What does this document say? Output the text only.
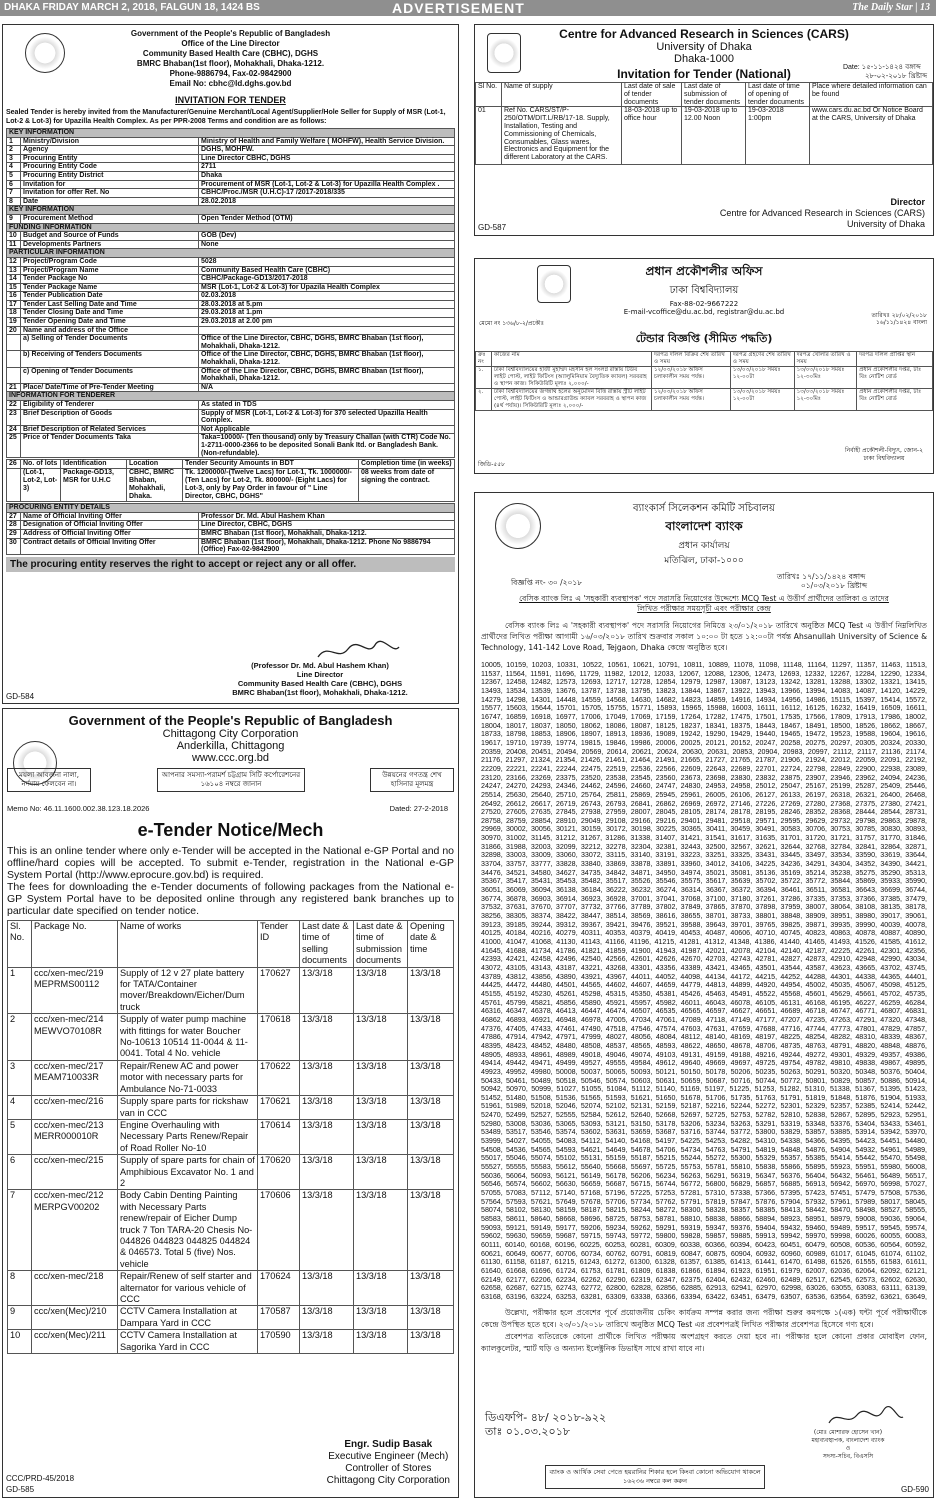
DHAKA FRIDAY MARCH 2, 2018, FALGUN 18, 1424 BS	ADVERTISEMENT	The Daily Star | 13
Government of the People's Republic of Bangladesh
Office of the Line Director
Community Based Health Care (CBHC), DGHS
BMRC Bhaban(1st floor), Mohakhali, Dhaka-1212.
Phone-9886794, Fax-02-9842900
Email No: cbhc@ld.dghs.gov.bd
INVITATION FOR TENDER
Sealed Tender is hereby invited from the Manufacturer/Genuine Merchant/Local Agent/Supplier/Hole Seller for Supply of MSR (Lot-1, Lot-2 & Lot-3) for Upazilla Health Complex. As per PPR-2008 Terms and condition are as follows:
KEY INFORMATION		
1	Ministry/Division	Ministry of Health and Family Welfare ( MOHFW), Health Service Division.
2	Agency	DGHS, MOHFW.
3	Procuring Entity	Line Director CBHC, DGHS
4	Procuring Entity Code	2711
5	Procuring Entity District	Dhaka
6	Invitation for	Procurement of MSR (Lot-1, Lot-2 & Lot-3) for Upazilla Health Complex .
7	Invitation for offer Ref. No	CBHC/Proc./MSR (U.H.C)-17 /2017-2018/335
8	Date	28.02.2018
KEY INFORMATION		
9	Procurement Method	Open Tender Method (OTM)
FUNDING INFORMATION		
10	Budget and Source of Funds	GOB (Dev)
11	Developments Partners	None
PARTICULAR INFORMATION		
12	Project/Program Code	5028
13	Project/Program Name	Community Based Health Care (CBHC)
14	Tender Package No	CBHC/Package-GD13/2017-2018
15	Tender Package Name	MSR (Lot-1, Lot-2 & Lot-3) for Upazila Health Complex
16	Tender Publication Date	02.03.2018
17	Tender Last Selling Date and Time	28.03.2018 at 5.pm
18	Tender Closing Date and Time	29.03.2018 at 1.pm
19	Tender Opening Date and Time	29.03.2018 at 2.00 pm
20	Name and address of the Office	
	a) Selling of Tender Documents	Office of the Line Director, CBHC, DGHS, BMRC Bhaban (1st floor), Mohakhali, Dhaka-1212.
	b) Receiving of Tenders Documents	Office of the Line Director, CBHC, DGHS, BMRC Bhaban (1st floor), Mohakhali, Dhaka-1212.
	c) Opening of Tender Documents	Office of the Line Director, CBHC, DGHS, BMRC Bhaban (1st floor), Mohakhali, Dhaka-1212.
21	Place/ Date/Time of Pre-Tender Meeting	N/A
INFORMATION FOR TENDERER		
22	Eligibility of Tenderer	As stated in TDS
23	Brief Description of Goods	Supply of MSR (Lot-1, Lot-2 & Lot-3) for 370 selected Upazilla Health Complex.
24	Brief Description of Related Services	Not Applicable
25	Price of Tender Documents Taka	Taka=10000/- (Ten thousand) only by Treasury Challan (with CTR) Code No. 1-2711-0000-2366 to be deposited Sonali Bank Itd. or Bangladesh Bank. (Non-refundable).
26	No. of lots	Identification	Location	Tender Security Amounts in BDT	Completion time (in weeks)
	(Lot-1, Lot-2, Lot-3)	Package-GD13, MSR for U.H.C	CBHC, BMRC Bhaban, Mohakhali, Dhaka.	Tk. 1200000/-(Twelve Lacs) for Lot-1, Tk. 1000000/-(Ten Lacs) for Lot-2, Tk. 800000/- (Eight Lacs) for Lot-3, only by Pay Order in favour of " Line Director, CBHC, DGHS"	08 weeks from date of signing the contract.
PROCURING ENTITY DETAILS		
27	Name of Official Inviting Offer	Professor Dr. Md. Abul Hashem Khan
28	Designation of Official Inviting Offer	Line Director, CBHC, DGHS
29	Address of Official Inviting Offer	BMRC Bhaban (1st floor), Mohakhali, Dhaka-1212.
30	Contract details of Official Inviting Offer	BMRC Bhaban (1st floor), Mohakhali, Dhaka-1212. Phone No 9886794 (Office) Fax-02-9842900
The procuring entity reserves the right to accept or reject any or all offer.
(Professor Dr. Md. Abul Hashem Khan)
Line Director
Community Based Health Care (CBHC), DGHS
BMRC Bhaban(1st floor), Mohakhali, Dhaka-1212.
GD-584
Centre for Advanced Research in Sciences (CARS)
University of Dhaka
Dhaka-1000
Date: ১৫-১১-১৪২৪ বঙ্গাব্দ
২৮-০২-২০১৮ খ্রিষ্টাব্দ
Invitation for Tender (National)
Sl No.	Name of supply	Last date of sale of tender documents	Last date of submission of tender documents	Last date of time of opening of tender documents	Place where detailed information can be found
01	Ref No. CARS/ST/P-250/OTM/DIT.L/RB/17-18. Supply, Installation, Testing and Commissioning of Chemicals, Consumables, Glass wares, Electronics and Equipment for the different Laboratory at the CARS.	18-03-2018 up to office hour	19-03-2018 up to 12.00 Noon	19-03-2018 1:00pm	www.cars.du.ac.bd Or Notice Board at the CARS, University of Dhaka
Director
Centre for Advanced Research in Sciences (CARS)
University of Dhaka
GD-587
প্রধান প্রকৌশলীর অফিস
ঢাকা বিশ্ববিদ্যালয়
Fax-88-02-9667222
E-mail-vcoffice@du.ac.bd, registrar@du.ac.bd
মেমো নং ১৩৬/৮-২/প্রকৌঃ
তারিখঃ ২৮/০২/২০১৮
১৬/১১/১৪২৪ বাংলা
টেন্ডার বিজ্ঞপ্তি (সীমিত পদ্ধতি)
ক্রঃ নং	কাজের নাম	দরপত্র দলিল বিক্রির শেষ তারিখ ও সময়	দরপত্র গ্রহণের শেষ তারিখ ও সময়	দরপত্র খোলার তারিখ ও সময়	দরপত্র দলিল প্রাপ্তির স্থান
১.	ঢাকা বিশ্ববিদ্যালয়ের হাজী মুহাম্মদ মহসীন হল সংলগ্ন রাস্তায় টিউব লাইট পোস্ট, লাইট ফিটিংস (অ্যালুমিনিয়াম বৈদ্যুতিক ক্যাবল) সরবরাহ ও স্থাপন কাজ। সিকিউরিটি মূল্যঃ ২,০০০/-	১২/০৩/২০১৮ অফিস চলাকালীন সময় পর্যন্ত।	১৩/০৩/২০১৮ সময়ঃ ১২-০০টা	১৩/০৩/২০১৮ সময়ঃ ১২-৩০মিঃ	প্রধান প্রকৌশলীর দপ্তর, ঢাঃ বিঃ নোটিশ বোর্ড
২.	ঢাকা বিশ্ববিদ্যালয়ের জগন্নাথ হলের অনুমোদন বিত্তি রাস্তায় স্ট্রীট লাইট পোস্ট, লাইট ফিটিংস ও আন্ডারগ্রাউন্ড ক্যাবল সরবরাহ ও স্থাপন কাজ (৪র্থ পর্যায়)। সিকিউরিটি মূল্যঃ ২,০০০/-	১২/০৩/২০১৮ অফিস চলাকালীন সময় পর্যন্ত।	১৩/০৩/২০১৮ সময়ঃ ১২-০০টা	১৩/০৩/২০১৮ সময়ঃ ১২-৩০মিঃ	প্রধান প্রকৌশলীর দপ্তর, ঢাঃ বিঃ নোটিশ বোর্ড
নির্বাহী প্রকৌশলী-বিদ্যুৎ, জোন-২
ঢাকা বিশ্ববিদ্যালয়
জিডি-৫৫৮
Government of the People's Republic of Bangladesh
Chittagong City Corporation
Anderkilla, Chittagong
www.ccc.org.bd
ময়লা আবর্জনা নালা, নর্দমায় ফেলবেন না।
আপনার সমস্যা-পরামর্শ চট্টগ্রাম সিটি কর্পোরেশনের ১৬১০৪ নম্বরে জানান
উন্নয়নের গণতন্ত্র শেখ হাসিনার মূলমন্ত্র
Memo No: 46.11.1600.002.38.123.18.2026	Dated: 27-2-2018
e-Tender Notice/Mech
This is an online tender where only e-Tender will be accepted in the National e-GP Portal and no offline/hard copies will be accepted. To submit e-Tender, registration in the National e-GP System Portal (http://www.eprocure.gov.bd) is required.
The fees for downloading the e-Tender documents of following packages from the National e-GP System Portal have to be deposited online through any registered bank branches up to particular date specified on tender notice.
Sl. No.	Package No.	Name of works	Tender ID	Last date & time of selling documents	Last date & time of submission documents	Opening date & time
1	ccc/xen-mec/219 MEPRMS00112	Supply of 12 v 27 plate battery for TATA/Container mover/Breakdown/Eicher/Dum truck	170627	13/3/18	13/3/18	13/3/18
2	ccc/xen-mec/214 MEWVO70108R	Supply of water pump machine with fittings for water Boucher No-10613 10514 11-0044 & 11-0041. Total 4 No. vehicle	170618	13/3/18	13/3/18	13/3/18
3	ccc/xen-mec/217 MEAM710033R	Repair/Renew AC and power motor with necessary parts for Ambulance No-71-0033	170622	13/3/18	13/3/18	13/3/18
4	ccc/xen-mec/216	Supply spare parts for rickshaw van in CCC	170621	13/3/18	13/3/18	13/3/18
5	ccc/xen-mec/213 MERR000010R	Engine Overhauling with Necessary Parts Renew/Repair of Road Roller No-10	170614	13/3/18	13/3/18	13/3/18
6	ccc/xen-mec/215	Supply of spare parts for chain of Amphibious Excavator No. 1 and 2	170620	13/3/18	13/3/18	13/3/18
7	ccc/xen-mec/212 MERPGV00202	Body Cabin Denting Painting with Necessary Parts renew/repair of Eicher Dump truck 7 Ton TARA-20 Chesis No-044826 044823 044825 044824 & 046573. Total 5 (five) Nos. vehicle	170606	13/3/18	13/3/18	13/3/18
8	ccc/xen-mec/218	Repair/Renew of self starter and alternator for various vehicle of CCC	170624	13/3/18	13/3/18	13/3/18
9	ccc/xen(Mec)/210	CCTV Camera Installation at Dampara Yard in CCC	170587	13/3/18	13/3/18	13/3/18
10	ccc/xen(Mec)/211	CCTV Camera Installation at Sagorika Yard in CCC	170590	13/3/18	13/3/18	13/3/18
Engr. Sudip Basak
Executive Engineer (Mech)
Controller of Stores
Chittagong City Corporation
CCC/PRD-45/2018
GD-585
ব্যাংকার্স সিলেকশন কমিটি সচিবালয়
বাংলাদেশ ব্যাংক
প্রধান কার্যালয়
মতিঝিল, ঢাকা-১০০০
বিজ্ঞপ্তি নং- ৩০ /২০১৮
তারিখঃ ১৭/১১/১৪২৪ বঙ্গাব্দ
০১/০৩/২০১৮ খ্রিষ্টাব্দ
বেসিক ব্যাংক লিঃ এ 'সহকারী ব্যবস্থাপক' পদে সরাসরি নিয়োগের উদ্দেশ্যে MCQ Test এ উত্তীর্ণ প্রার্থীদের তালিকা ও তাদের লিখিত পরীক্ষার সময়সূচী এবং পরীক্ষার কেন্দ্র
বেসিক ব্যাংক লিঃ এ 'সহকারী ব্যবস্থাপক' পদে সরাসরি নিয়োগের নিমিত্তে ২৩/০১/২০১৮ তারিখে অনুষ্ঠিত MCQ Test এ উত্তীর্ণ নিম্নলিখিত প্রার্থীদের লিখিত পরীক্ষা আগামী ১৬/০৩/২০১৮ তারিখ শুক্রবার সকাল ১০:০০ টা হতে ১২:০০টা পর্যন্ত Ahsanullah University of Science & Technology, 141-142 Love Road, Tejgaon, Dhaka কেন্দ্রে অনুষ্ঠিত হবে।
10005, 10159, 10203, 10331, 10522, 10561, 10621, 10791, 10811, 10889, 11078, 11098, 11148, 11164, 11297, 11357, 11463, 11513, 11537, 11564, 11591, 11696, 11729, 11982, 12012, 12033, 12067, 12088, 12306, 12473, 12693, 12332, 12267, 12284, 12290, 12334, 12367, 12458, 12482, 12573, 12693, 12717, 12728, 12854, 12979, 12987, 13087, 13123, 13242, 13281, 13288, 13302, 13321, 13415, 13493, 13534, 13539, 13676, 13787, 13738, 13795, 13823, 13844, 13867, 13922, 13943, 13966, 13994, 14083, 14087, 14120, 14229, 14279, 14298, 14301, 14448, 14559, 14568, 14630, 14682, 14823, 14859, 14916, 14934, 14956, 14986, 15115, 15397, 15414, 15572, 15577, 15603, 15644, 15701, 15705, 15755, 15771, 15893, 15965, 15988, 16003, 16111, 16112, 16125, 16232, 16419, 16509, 16611, 16747, 16859, 16918, 16977, 17006, 17049, 17069, 17159, 17264, 17282, 17475, 17501, 17535, 17566, 17809, 17913, 17986, 18002, 18004, 18017, 18037, 18050, 18062, 18086, 18087, 18125, 18237, 18341, 18375, 18443, 18467, 18491, 18500, 18526, 18662, 18667, 18733, 18798, 18853, 18906, 18907, 18913, 18936, 19089, 19242, 19290, 19429, 19440, 19465, 19472, 19523, 19588, 19604, 19616, 19617, 19710, 19739, 19774, 19815, 19846, 19986, 20006, 20025, 20121, 20152, 20247, 20258, 20275, 20297, 20305, 20324, 20330, 20359, 20408, 20451, 20494, 20569, 20614, 20621, 20624, 20630, 20631, 20853, 20904, 20983, 20997, 21112, 21117, 21136, 21174, 21176, 21297, 21324, 21354, 21426, 21461, 21464, 21491, 21665, 21727, 21765, 21787, 21906, 21924, 22012, 22059, 22091, 22192, 22209, 22221, 22241, 22244, 22475, 22519, 22536, 22566, 22609, 22643, 22689, 22701, 22724, 22798, 22849, 22900, 22938, 23089, 23120, 23166, 23269, 23375, 23520, 23538, 23545, 23560, 23673, 23698, 23830, 23832, 23875, 23907, 23946, 23962, 24094, 24236, 24247, 24270, 24293, 24346, 24462, 24596, 24660, 24747, 24830, 24953, 24958, 25012, 25047, 25167, 25199, 25287, 25409, 25446, 25514, 25630, 25640, 25710, 25764, 25811, 25869, 25945, 25961, 26005, 26106, 26127, 26133, 26197, 26318, 26321, 26400, 26468, 26492, 26612, 26617, 26719, 26743, 26793, 26841, 26862, 26969, 26972, 27146, 27226, 27269, 27280, 27368, 27375, 27380, 27421, 27520, 27605, 27635, 27845, 27938, 27959, 28007, 28045, 28105, 28174, 28178, 28195, 28246, 28352, 28368, 28444, 28544, 28731, 28758, 28759, 28854, 28910, 29049, 29108, 29166, 29216, 29401, 29481, 29518, 29571, 29595, 29629, 29732, 29798, 29863, 29878, 29969, 30002, 30056, 30121, 30159, 30172, 30198, 30225, 30365, 30411, 30459, 30491, 30583, 30706, 30753, 30785, 30830, 30893, 30970, 31002, 31145, 31212, 31267, 31286, 31338, 31407, 31421, 31541, 31617, 31635, 31701, 31720, 31721, 31757, 31770, 31846, 31866, 31988, 32003, 32099, 32212, 32278, 32304, 32381, 32443, 32500, 32567, 32621, 32644, 32768, 32784, 32841, 32864, 32871, 32898, 33003, 33009, 33060, 33072, 33115, 33140, 33191, 33223, 33251, 33325, 33431, 33445, 33497, 33534, 33590, 33619, 33644, 33704, 33757, 33777, 33828, 33840, 33869, 33878, 33891, 33960, 34012, 34106, 34225, 34236, 34291, 34304, 34352, 34390, 34421, 34476, 34521, 34580, 34627, 34735, 34842, 34871, 34950, 34974, 35021, 35081, 35136, 35169, 35214, 35238, 35275, 35290, 35313, 35367, 35417, 35431, 35453, 35482, 35517, 35526, 35546, 35575, 35617, 35639, 35702, 35722, 35772, 35844, 35869, 35933, 35990, 36051, 36069, 36094, 36138, 36184, 36222, 36232, 36274, 36314, 36367, 36372, 36394, 36461, 36511, 36581, 36643, 36699, 36744, 36774, 36878, 36903, 36914, 36923, 36928, 37001, 37041, 37068, 37100, 37180, 37261, 37286, 37335, 37353, 37366, 37385, 37479, 37532, 37631, 37670, 37707, 37732, 37766, 37789, 37802, 37849, 37865, 37870, 37898, 37959, 38007, 38064, 38108, 38135, 38178, 38256, 38305, 38374, 38422, 38447, 38514, 38569, 38616, 38655, 38701, 38733, 38801, 38848, 38909, 38951, 38980, 39017, 39061, 39123, 39185, 39244, 39312, 39367, 39421, 39476, 39521, 39588, 39643, 39701, 39765, 39825, 39871, 39935, 39990, 40039, 40078, 40125, 40184, 40216, 40279, 40311, 40353, 40379, 40419, 40453, 40487, 40606, 40710, 40745, 40823, 40863, 40878, 40887, 40890, 41000, 41047, 41068, 41130, 41143, 41166, 41196, 41215, 41281, 41312, 41348, 41386, 41440, 41465, 41493, 41526, 41585, 41612, 41645, 41688, 41734, 41786, 41821, 41859, 41900, 41943, 41987, 42021, 42078, 42104, 42140, 42187, 42225, 42261, 42301, 42356, 42393, 42421, 42458, 42496, 42540, 42566, 42601, 42626, 42670, 42703, 42743, 42781, 42827, 42873, 42910, 42948, 42990, 43034, 43072, 43105, 43143, 43187, 43221, 43268, 43301, 43356, 43389, 43421, 43465, 43501, 43544, 43587, 43623, 43665, 43702, 43745, 43789, 43812, 43856, 43890, 43921, 43967, 44011, 44052, 44098, 44134, 44172, 44215, 44252, 44288, 44301, 44338, 44365, 44401, 44425, 44472, 44480, 44501, 44565, 44602, 44607, 44659, 44779, 44813, 44899, 44920, 44954, 45002, 45035, 45067, 45098, 45125, 45155, 45192, 45230, 45261, 45298, 45315, 45350, 45381, 45426, 45463, 45491, 45522, 45568, 45601, 45629, 45661, 45702, 45735, 45761, 45799, 45821, 45856, 45890, 45921, 45957, 45982, 46011, 46043, 46078, 46105, 46131, 46168, 46195, 46227, 46259, 46284, 46316, 46347, 46378, 46413, 46447, 46474, 46507, 46535, 46565, 46597, 46627, 46651, 46689, 46718, 46747, 46771, 46807, 46831, 46862, 46893, 46921, 46948, 46978, 47005, 47034, 47061, 47089, 47118, 47149, 47177, 47207, 47235, 47263, 47291, 47320, 47348, 47376, 47405, 47433, 47461, 47490, 47518, 47546, 47574, 47603, 47631, 47659, 47688, 47716, 47744, 47773, 47801, 47829, 47857, 47886, 47914, 47942, 47971, 47999, 48027, 48056, 48084, 48112, 48140, 48169, 48197, 48225, 48254, 48282, 48310, 48339, 48367, 48395, 48423, 48452, 48480, 48508, 48537, 48565, 48593, 48622, 48650, 48678, 48706, 48735, 48763, 48791, 48820, 48848, 48876, 48905, 48933, 48961, 48989, 49018, 49046, 49074, 49103, 49131, 49159, 49188, 49216, 49244, 49272, 49301, 49329, 49357, 49386, 49414, 49442, 49471, 49499, 49527, 49555, 49584, 49612, 49640, 49669, 49697, 49725, 49754, 49782, 49810, 49838, 49867, 49895, 49923, 49952, 49980, 50008, 50037, 50065, 50093, 50121, 50150, 50178, 50206, 50235, 50263, 50291, 50320, 50348, 50376, 50404, 50433, 50461, 50489, 50518, 50546, 50574, 50603, 50631, 50659, 50687, 50716, 50744, 50772, 50801, 50829, 50857, 50886, 50914, 50942, 50970, 50999, 51027, 51055, 51084, 51112, 51140, 51169, 51197, 51225, 51253, 51282, 51310, 51338, 51367, 51395, 51423, 51452, 51480, 51508, 51536, 51565, 51593, 51621, 51650, 51678, 51706, 51735, 51763, 51791, 51819, 51848, 51876, 51904, 51933, 51961, 51989, 52018, 52046, 52074, 52102, 52131, 52159, 52187, 52216, 52244, 52272, 52301, 52329, 52357, 52385, 52414, 52442, 52470, 52499, 52527, 52555, 52584, 52612, 52640, 52668, 52697, 52725, 52753, 52782, 52810, 52838, 52867, 52895, 52923, 52951, 52980, 53008, 53036, 53065, 53093, 53121, 53150, 53178, 53206, 53234, 53263, 53291, 53319, 53348, 53376, 53404, 53433, 53461, 53489, 53517, 53546, 53574, 53602, 53631, 53659, 53687, 53716, 53744, 53772, 53800, 53829, 53857, 53885, 53914, 53942, 53970, 53999, 54027, 54055, 54083, 54112, 54140, 54168, 54197, 54225, 54253, 54282, 54310, 54338, 54366, 54395, 54423, 54451, 54480, 54508, 54536, 54565, 54593, 54621, 54649, 54678, 54706, 54734, 54763, 54791, 54819, 54848, 54876, 54904, 54932, 54961, 54989, 55017, 55046, 55074, 55102, 55131, 55159, 55187, 55215, 55244, 55272, 55300, 55329, 55357, 55385, 55414, 55442, 55470, 55498, 55527, 55555, 55583, 55612, 55640, 55668, 55697, 55725, 55753, 55781, 55810, 55838, 55866, 55895, 55923, 55951, 55980, 56008, 56036, 56064, 56093, 56121, 56149, 56178, 56206, 56234, 56263, 56291, 56319, 56347, 56376, 56404, 56432, 56461, 56489, 56517, 56546, 56574, 56602, 56630, 56659, 56687, 56715, 56744, 56772, 56800, 56829, 56857, 56885, 56913, 56942, 56970, 56998, 57027, 57055, 57083, 57112, 57140, 57168, 57196, 57225, 57253, 57281, 57310, 57338, 57366, 57395, 57423, 57451, 57479, 57508, 57536, 57564, 57593, 57621, 57649, 57678, 57706, 57734, 57762, 57791, 57819, 57847, 57876, 57904, 57932, 57961, 57989, 58017, 58045, 58074, 58102, 58130, 58159, 58187, 58215, 58244, 58272, 58300, 58328, 58357, 58385, 58413, 58442, 58470, 58498, 58527, 58555, 58583, 58611, 58640, 58668, 58696, 58725, 58753, 58781, 58810, 58838, 58866, 58894, 58923, 58951, 58979, 59008, 59036, 59064, 59093, 59121, 59149, 59177, 59206, 59234, 59262, 59291, 59319, 59347, 59376, 59404, 59432, 59460, 59489, 59517, 59545, 59574, 59602, 59630, 59659, 59687, 59715, 59743, 59772, 59800, 59828, 59857, 59885, 59913, 59942, 59970, 59998, 60026, 60055, 60083, 60111, 60140, 60168, 60196, 60225, 60253, 60281, 60309, 60338, 60366, 60394, 60423, 60451, 60479, 60508, 60536, 60564, 60592, 60621, 60649, 60677, 60706, 60734, 60762, 60791, 60819, 60847, 60875, 60904, 60932, 60960, 60989, 61017, 61045, 61074, 61102, 61130, 61158, 61187, 61215, 61243, 61272, 61300, 61328, 61357, 61385, 61413, 61441, 61470, 61498, 61526, 61555, 61583, 61611, 61640, 61668, 61696, 61724, 61753, 61781, 61809, 61838, 61866, 61894, 61923, 61951, 61979, 62007, 62036, 62064, 62092, 62121, 62149, 62177, 62206, 62234, 62262, 62290, 62319, 62347, 62375, 62404, 62432, 62460, 62489, 62517, 62545, 62573, 62602, 62630, 62658, 62687, 62715, 62743, 62772, 62800, 62828, 62856, 62885, 62913, 62941, 62970, 62998, 63026, 63055, 63083, 63111, 63139, 63168, 63196, 63224, 63253, 63281, 63309, 63338, 63366, 63394, 63422, 63451, 63479, 63507, 63536, 63564, 63592, 63621, 63649,
উল্লেখ্য, পরীক্ষার হলে প্রবেশের পূর্বে প্রয়োজনীয় চেকিং কার্যক্রম সম্পন্ন করার জন্য পরীক্ষা শুরুর কমপক্ষে ১(এক) ঘন্টা পূর্বে পরীক্ষার্থীকে কেন্দ্রে উপস্থিত হতে হবে। ২৩/০১/২০১৮ তারিখে অনুষ্ঠিত MCQ Test এর প্রবেশপত্রই লিখিত পরীক্ষার প্রবেশপত্র হিসেবে গণ্য হবে।
প্রবেশপত্র ব্যতিরেকে কোনো প্রার্থীকে লিখিত পরীক্ষায় অংশগ্রহণ করতে দেয়া হবে না। পরীক্ষার হলে কোনো প্রকার মোবাইল ফোন, ক্যালকুলেটর, স্মার্ট ঘড়ি ও অন্যান্য ইলেক্ট্রনিক ডিভাইস সাথে রাখা যাবে না।
ডিএফপি- ৪৮/ ২০১৮-৯২২
তাঃ ০১.০৩.২০১৮	(মোঃ মোশারফ হোসেন খান)
মহাব্যবস্থাপক, বাংলাদেশ ব্যাংক
ও
সদস্য-সচিব, বিএসসি
ব্যাংক ও আর্থিক সেবা পেতে হয়রানির শিকার হলে কিংবা কোনো অভিযোগ থাকলে ১৬২৩৬ নম্বরে কল করুন
GD-590
